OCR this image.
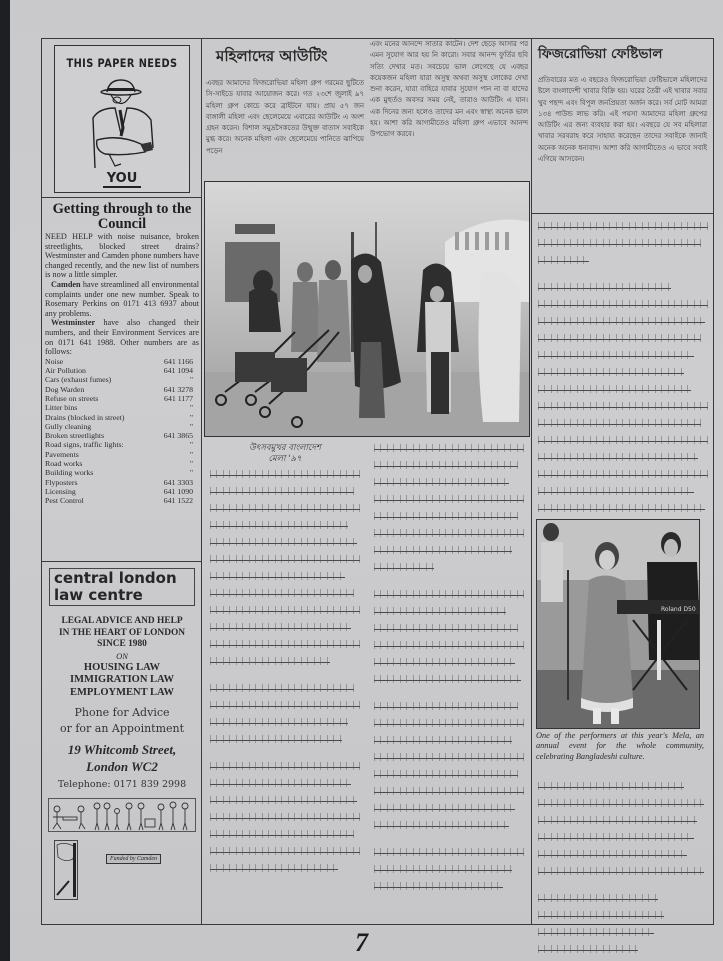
THIS PAPER NEEDS
YOU
Getting through to the Council

NEED HELP with noise nuisance, broken streetlights, blocked street drains? Westminster and Camden phone numbers have changed recently, and the new list of numbers is now a little simpler.

Camden have streamlined all environmental complaints under one new number. Speak to Rosemary Perkins on 0171 413 6937 about any problems.

Westminster have also changed their numbers, and their Environment Services are on 0171 641 1988. Other numbers are as follows:

Noise	641 1166
Air Pollution	641 1094
Cars (exhaust fumes)	"
Dog Warden	641 3278
Refuse on streets	641 1177
Litter bins	"
Drains (blocked in street)	"
Gully cleaning	"
Broken streetlights	641 3865
Road signs, traffic lights:	"
Pavements	"
Road works	"
Building works	"
Flyposters	641 3303
Licensing	641 1090
Pest Control	641 1522
central london
law centre
LEGAL ADVICE AND HELP
IN THE HEART OF LONDON
SINCE 1980
ON
HOUSING LAW
IMMIGRATION LAW
EMPLOYMENT LAW
Phone for Advice
or for an Appointment
19 Whitcomb Street,
London WC2
Telephone: 0171 839 2998
Funded by Camden
মহিলাদের আউটিং
এবছর আমাদের ফিজরোভিয়া মহিলা গ্রুপ গরমের ছুটিতে সি-সাইডে যাবার আয়োজন করে। গত ২৩শে জুলাই ৯৭ মহিলা গ্রুপ কোচে করে ব্রাইটনে যায়। প্রায় ৫৭ জন বাঙ্গালী মহিলা এবং ছেলেমেয়ে এবারের আউটিং এ অংশ গ্রহন করেন। বিশাল সমুদ্রসৈকতের উন্মুক্ত বাতাস সবাইকে মুগ্ধ করে। অনেক মহিলা এবং ছেলেমেয়ে পানিতে ঝাপিয়ে পড়েন
এবং মনের আনন্দে সাতার কাটেন। দেশ ছেড়ে আসার পর এমন সুযোগ আর হয় নি কারো। সবার আনন্দ ফুর্তির ছবি সত্যি দেখার মত। সবচেয়ে ভাল লেগেছে যে এবছর কয়েকজন মহিলা যারা অসুস্থ অথবা অসুস্থ লোকের দেখা শুনা করেন, যারা বাহিরে যাবার সুযোগ পান না বা যাদের এক মুহুর্তও অবসর সময় নেই, তারাও আউটিং এ যান। এক দিনের জন্য হলেও তাদের মন এবং স্বাস্থ্য অনেক ভাল হয়। আশা করি আগামীতেও মহিলা গ্রুপ এভাবে আনন্দ উপভোগ করবে।
উৎসবমুখর বাংলাদেশ
মেলা '৯৭
ফিজরোভিয়া ফেষ্টিভাল
প্রতিবারের মত এ বছরেও ফিজরোভিয়া ফেষ্টিভালে মহিলাদের ষ্টলে বাংলাদেশী খাবার বিক্রি হয়। ঘরের তৈরী এই খাবার সবার খুব পছন্দ এবং বিপুল জনপ্রিয়তা অর্জন করে। সর্ব মোট আমরা ১৩৪ পাউন্ড লাভ করি। এই পয়সা আমাদের মহিলা গ্রুপের আউটিং এর জন্য ব্যবহার করা হয়। এবছরে যে সব মহিলারা খাবার সরবরাহ করে সাহায্য করেছেন তাদের সবাইকে জানাই অনেক অনেক ধন্যবাদ। আশা করি আগামীতেও এ ভাবে সবাই এগিয়ে আসবেন।
Roland D50
One of the performers at this year's Mela, an annual event for the whole community, celebrating Bangladeshi culture.
7
